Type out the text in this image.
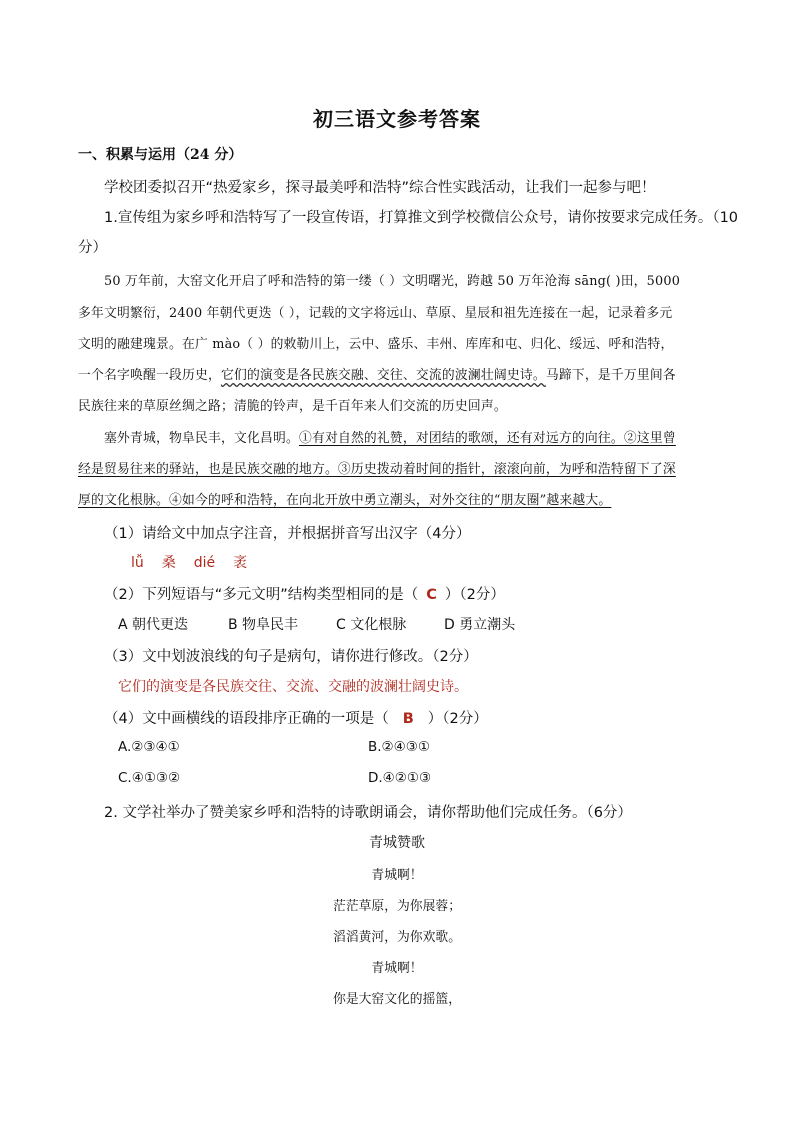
初三语文参考答案
一、积累与运用（24 分）
学校团委拟召开“热爱家乡，探寻最美呼和浩特”综合性实践活动，让我们一起参与吧！
1.宣传组为家乡呼和浩特写了一段宣传语，打算推文到学校微信公众号，请你按要求完成任务。（10
分）
50 万年前，大窑文化开启了呼和浩特的第一缕（ ）文明曙光，跨越 50 万年沧海 sāng( )田，5000
多年文明繁衍，2400 年朝代更迭（ ），记载的文字将远山、草原、星辰和祖先连接在一起，记录着多元
文明的融建瑰景。在广 mào（ ）的敕勒川上，云中、盛乐、丰州、库库和屯、归化、绥远、呼和浩特，
一个名字唤醒一段历史，它们的演变是各民族交融、交往、交流的波澜壮阔史诗。马蹄下，是千万里间各
民族往来的草原丝绸之路；清脆的铃声，是千百年来人们交流的历史回声。
塞外青城，物阜民丰，文化昌明。①有对自然的礼赞，对团结的歌颂，还有对远方的向往。②这里曾
经是贸易往来的驿站，也是民族交融的地方。③历史拨动着时间的指针，滚滚向前，为呼和浩特留下了深
厚的文化根脉。④如今的呼和浩特，在向北开放中勇立潮头，对外交往的“朋友圈”越来越大。
（1）请给文中加点字注音，并根据拼音写出汉字（4分）
lǚ 桑 dié 袤
（2）下列短语与“多元文明”结构类型相同的是（ C ）（2分）
A 朝代更迭	B 物阜民丰	C 文化根脉	D 勇立潮头
（3）文中划波浪线的句子是病句，请你进行修改。（2分）
它们的演变是各民族交往、交流、交融的波澜壮阔史诗。
（4）文中画横线的语段排序正确的一项是（ B ）（2分）
A.②③④①	B.②④③①
C.④①③②	D.④②①③
2. 文学社举办了赞美家乡呼和浩特的诗歌朗诵会，请你帮助他们完成任务。（6分）
青城赞歌
青城啊！
茫茫草原，为你展蓉；
滔滔黄河，为你欢歌。
青城啊！
你是大窑文化的摇篮，
